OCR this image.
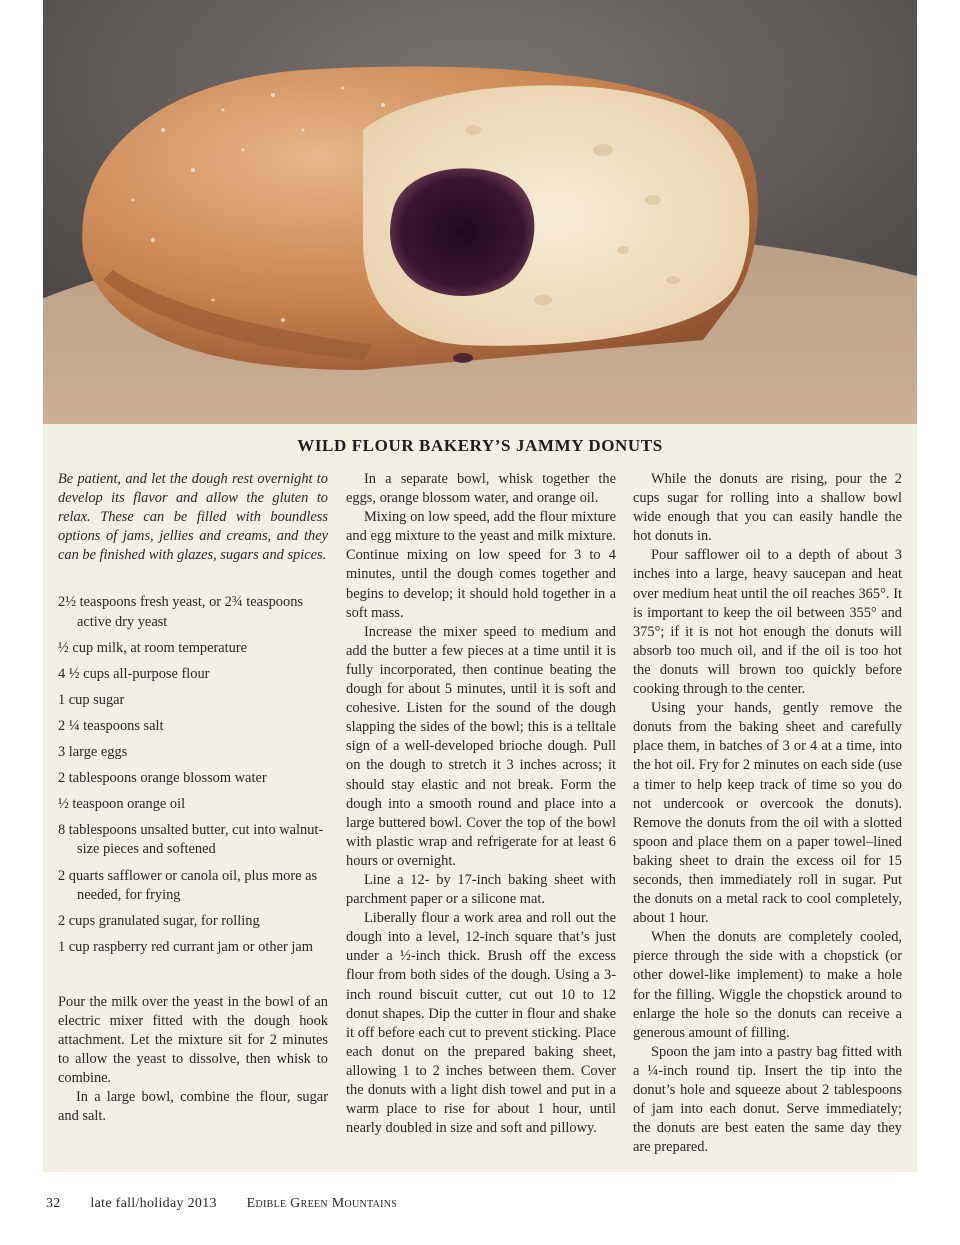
WILD FLOUR BAKERY’S JAMMY DONUTS

Be patient, and let the dough rest overnight to develop its flavor and allow the gluten to relax. These can be filled with boundless options of jams, jellies and creams, and they can be finished with glazes, sugars and spices.

2½ teaspoons fresh yeast, or 2¾ teaspoons active dry yeast
½ cup milk, at room temperature
4 ½ cups all-purpose flour
1 cup sugar
2 ¼ teaspoons salt
3 large eggs
2 tablespoons orange blossom water
½ teaspoon orange oil
8 tablespoons unsalted butter, cut into walnut-size pieces and softened
2 quarts safflower or canola oil, plus more as needed, for frying
2 cups granulated sugar, for rolling
1 cup raspberry red currant jam or other jam

Pour the milk over the yeast in the bowl of an electric mixer fitted with the dough hook attachment. Let the mixture sit for 2 minutes to allow the yeast to dissolve, then whisk to combine.

In a large bowl, combine the flour, sugar and salt.

In a separate bowl, whisk together the eggs, orange blossom water, and orange oil.

Mixing on low speed, add the flour mixture and egg mixture to the yeast and milk mixture. Continue mixing on low speed for 3 to 4 minutes, until the dough comes together and begins to develop; it should hold together in a soft mass.

Increase the mixer speed to medium and add the butter a few pieces at a time until it is fully incorporated, then continue beating the dough for about 5 minutes, until it is soft and cohesive. Listen for the sound of the dough slapping the sides of the bowl; this is a telltale sign of a well-developed brioche dough. Pull on the dough to stretch it 3 inches across; it should stay elastic and not break. Form the dough into a smooth round and place into a large buttered bowl. Cover the top of the bowl with plastic wrap and refrigerate for at least 6 hours or overnight.

Line a 12- by 17-inch baking sheet with parchment paper or a silicone mat.

Liberally flour a work area and roll out the dough into a level, 12-inch square that’s just under a ½-inch thick. Brush off the excess flour from both sides of the dough. Using a 3-inch round biscuit cutter, cut out 10 to 12 donut shapes. Dip the cutter in flour and shake it off before each cut to prevent sticking. Place each donut on the prepared baking sheet, allowing 1 to 2 inches between them. Cover the donuts with a light dish towel and put in a warm place to rise for about 1 hour, until nearly doubled in size and soft and pillowy.

While the donuts are rising, pour the 2 cups sugar for rolling into a shallow bowl wide enough that you can easily handle the hot donuts in.

Pour safflower oil to a depth of about 3 inches into a large, heavy saucepan and heat over medium heat until the oil reaches 365°. It is important to keep the oil between 355° and 375°; if it is not hot enough the donuts will absorb too much oil, and if the oil is too hot the donuts will brown too quickly before cooking through to the center.

Using your hands, gently remove the donuts from the baking sheet and carefully place them, in batches of 3 or 4 at a time, into the hot oil. Fry for 2 minutes on each side (use a timer to help keep track of time so you do not undercook or overcook the donuts). Remove the donuts from the oil with a slotted spoon and place them on a paper towel–lined baking sheet to drain the excess oil for 15 seconds, then immediately roll in sugar. Put the donuts on a metal rack to cool completely, about 1 hour.

When the donuts are completely cooled, pierce through the side with a chopstick (or other dowel-like implement) to make a hole for the filling. Wiggle the chopstick around to enlarge the hole so the donuts can receive a generous amount of filling.

Spoon the jam into a pastry bag fitted with a ¼-inch round tip. Insert the tip into the donut’s hole and squeeze about 2 tablespoons of jam into each donut. Serve immediately; the donuts are best eaten the same day they are prepared.

32 late fall/holiday 2013 Edible Green Mountains
